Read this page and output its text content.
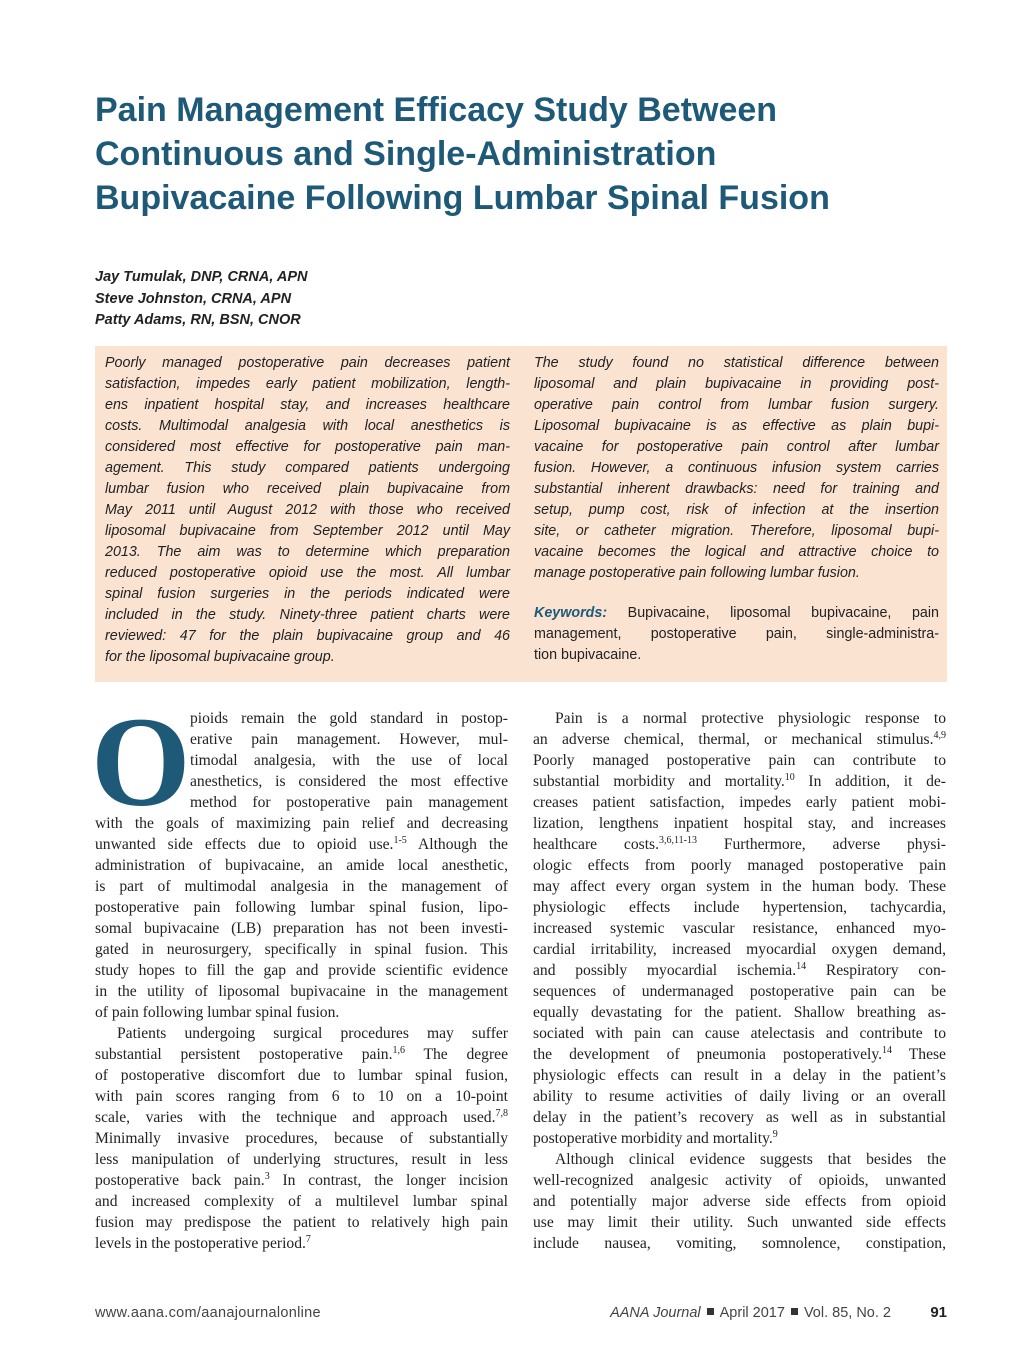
Pain Management Efficacy Study Between
Continuous and Single-Administration
Bupivacaine Following Lumbar Spinal Fusion
Jay Tumulak, DNP, CRNA, APN
Steve Johnston, CRNA, APN
Patty Adams, RN, BSN, CNOR
Poorly managed postoperative pain decreases patient
satisfaction, impedes early patient mobilization, length-
ens inpatient hospital stay, and increases healthcare
costs. Multimodal analgesia with local anesthetics is
considered most effective for postoperative pain man-
agement. This study compared patients undergoing
lumbar fusion who received plain bupivacaine from
May 2011 until August 2012 with those who received
liposomal bupivacaine from September 2012 until May
2013. The aim was to determine which preparation
reduced postoperative opioid use the most. All lumbar
spinal fusion surgeries in the periods indicated were
included in the study. Ninety-three patient charts were
reviewed: 47 for the plain bupivacaine group and 46
for the liposomal bupivacaine group.
The study found no statistical difference between
liposomal and plain bupivacaine in providing post-
operative pain control from lumbar fusion surgery.
Liposomal bupivacaine is as effective as plain bupi-
vacaine for postoperative pain control after lumbar
fusion. However, a continuous infusion system carries
substantial inherent drawbacks: need for training and
setup, pump cost, risk of infection at the insertion
site, or catheter migration. Therefore, liposomal bupi-
vacaine becomes the logical and attractive choice to
manage postoperative pain following lumbar fusion.
Keywords: Bupivacaine, liposomal bupivacaine, pain
management, postoperative pain, single-administra-
tion bupivacaine.
O pioids remain the gold standard in postop-
erative pain management. However, mul-
timodal analgesia, with the use of local
anesthetics, is considered the most effective
method for postoperative pain management
with the goals of maximizing pain relief and decreasing
unwanted side effects due to opioid use.$^{1-5}$ Although the
administration of bupivacaine, an amide local anesthetic,
is part of multimodal analgesia in the management of
postoperative pain following lumbar spinal fusion, lipo-
somal bupivacaine (LB) preparation has not been investi-
gated in neurosurgery, specifically in spinal fusion. This
study hopes to fill the gap and provide scientific evidence
in the utility of liposomal bupivacaine in the management
of pain following lumbar spinal fusion.
Patients undergoing surgical procedures may suffer
substantial persistent postoperative pain.$^{1,6}$ The degree
of postoperative discomfort due to lumbar spinal fusion,
with pain scores ranging from 6 to 10 on a 10-point
scale, varies with the technique and approach used.$^{7,8}$
Minimally invasive procedures, because of substantially
less manipulation of underlying structures, result in less
postoperative back pain.$^3$ In contrast, the longer incision
and increased complexity of a multilevel lumbar spinal
fusion may predispose the patient to relatively high pain
levels in the postoperative period.$^7$
Pain is a normal protective physiologic response to
an adverse chemical, thermal, or mechanical stimulus.$^{4,9}$
Poorly managed postoperative pain can contribute to
substantial morbidity and mortality.$^{10}$ In addition, it de-
creases patient satisfaction, impedes early patient mobi-
lization, lengthens inpatient hospital stay, and increases
healthcare costs.$^{3,6,11-13}$ Furthermore, adverse physi-
ologic effects from poorly managed postoperative pain
may affect every organ system in the human body. These
physiologic effects include hypertension, tachycardia,
increased systemic vascular resistance, enhanced myo-
cardial irritability, increased myocardial oxygen demand,
and possibly myocardial ischemia.$^{14}$ Respiratory con-
sequences of undermanaged postoperative pain can be
equally devastating for the patient. Shallow breathing as-
sociated with pain can cause atelectasis and contribute to
the development of pneumonia postoperatively.$^{14}$ These
physiologic effects can result in a delay in the patient’s
ability to resume activities of daily living or an overall
delay in the patient’s recovery as well as in substantial
postoperative morbidity and mortality.$^9$
Although clinical evidence suggests that besides the
well-recognized analgesic activity of opioids, unwanted
and potentially major adverse side effects from opioid
use may limit their utility. Such unwanted side effects
include nausea, vomiting, somnolence, constipation,
www.aana.com/aanajournalonline	AANA Journal April 2017 Vol. 85, No. 2	91
